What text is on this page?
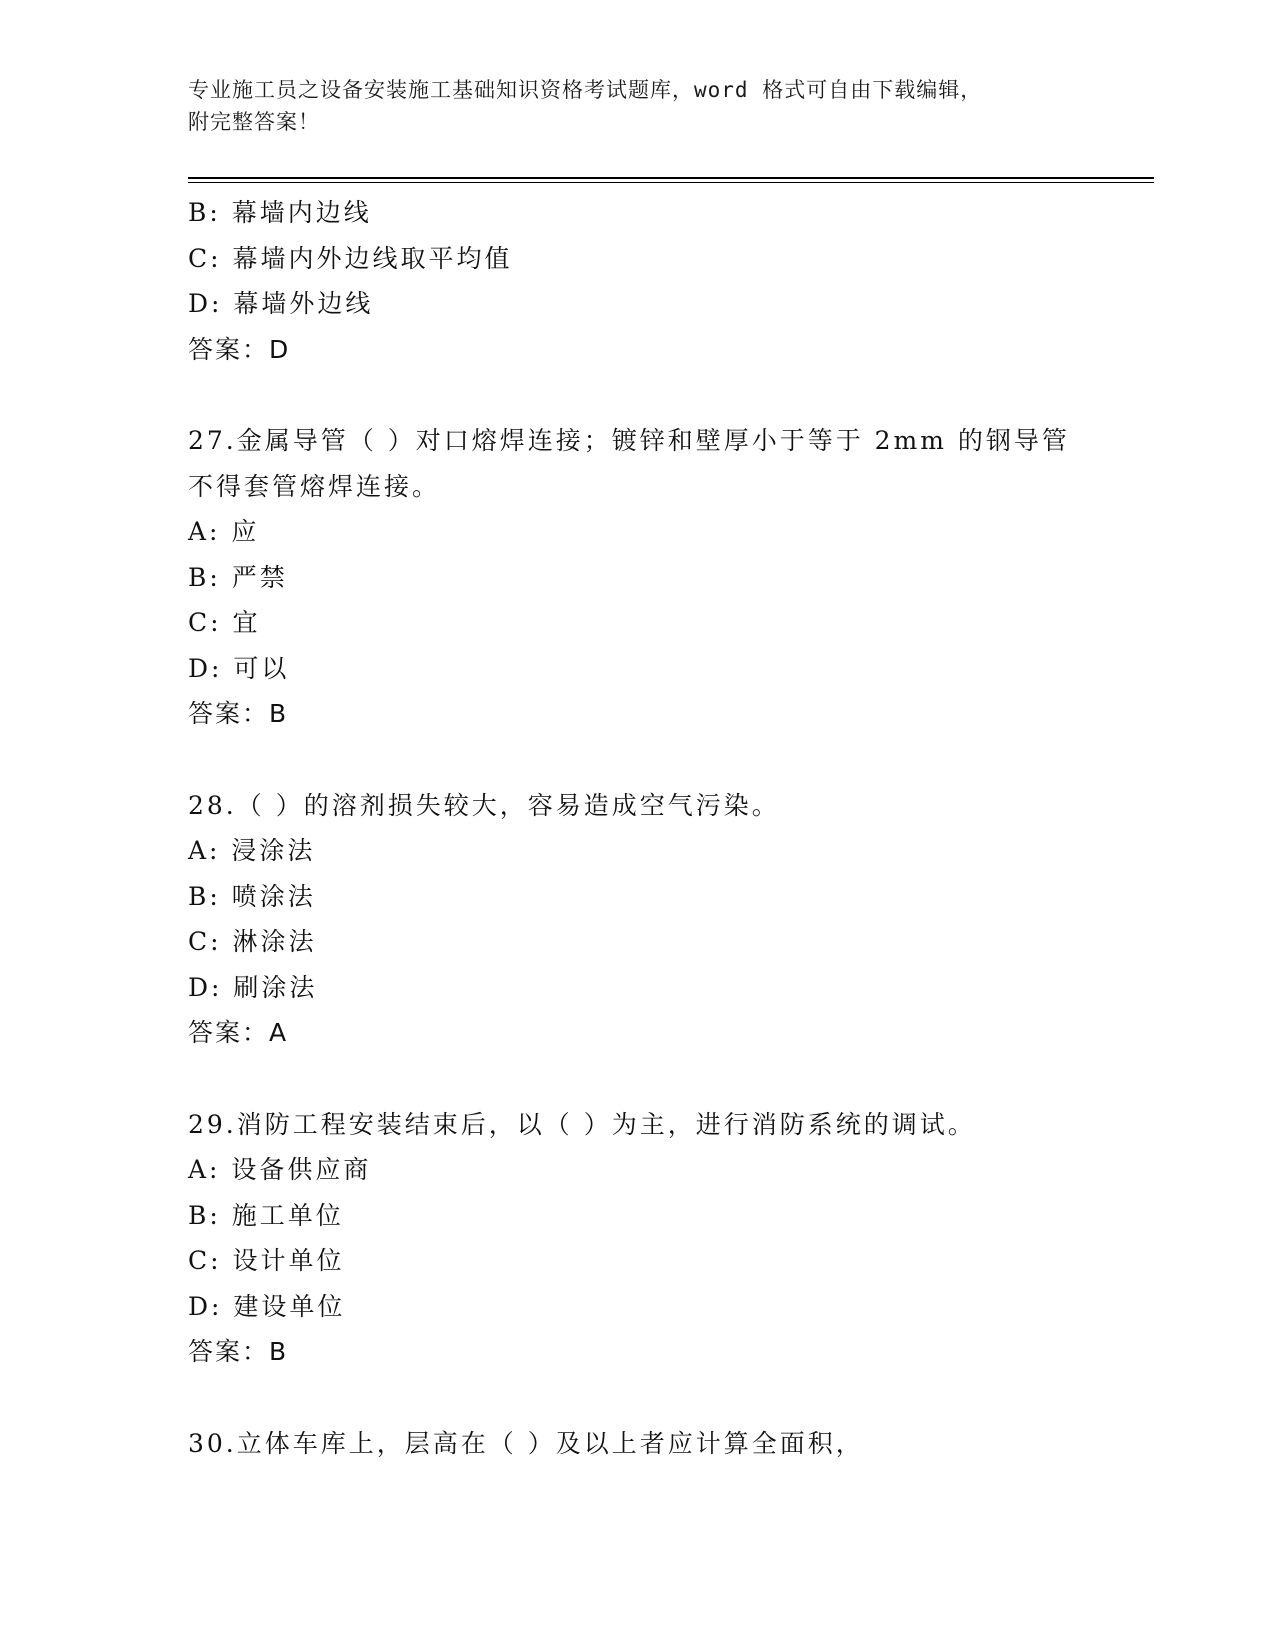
专业施工员之设备安装施工基础知识资格考试题库，word 格式可自由下载编辑，
附完整答案！
B: 幕墙内边线
C: 幕墙内外边线取平均值
D: 幕墙外边线
答案：D
27.金属导管（ ）对口熔焊连接；镀锌和壁厚小于等于 2mm 的钢导管
不得套管熔焊连接。
A: 应
B: 严禁
C: 宜
D: 可以
答案：B
28.（ ）的溶剂损失较大，容易造成空气污染。
A: 浸涂法
B: 喷涂法
C: 淋涂法
D: 刷涂法
答案：A
29.消防工程安装结束后，以（ ）为主，进行消防系统的调试。
A: 设备供应商
B: 施工单位
C: 设计单位
D: 建设单位
答案：B
30.立体车库上，层高在（ ）及以上者应计算全面积，
